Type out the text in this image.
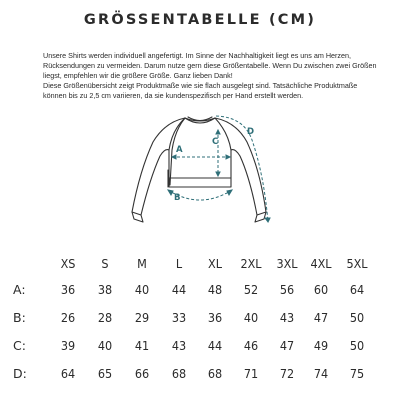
GRÖSSENTABELLE (CM)

Unsere Shirts werden individuell angefertigt. Im Sinne der Nachhaltigkeit liegt es uns am Herzen,

Rücksendungen zu vermeiden. Darum nutze gern diese Größentabelle. Wenn Du zwischen zwei Größen

liegst, empfehlen wir die größere Größe. Ganz lieben Dank!

Diese Größenübersicht zeigt Produktmaße wie sie flach ausgelegt sind. Tatsächliche Produktmaße

können bis zu 2,5 cm variieren, da sie kundenspezifisch per Hand erstellt werden.

A
C
B
D
XS	S	M	L	XL	2XL	3XL	4XL	5XL
A:	36	38	40	44	48	52	56	60	64
B:	26	28	29	33	36	40	43	47	50
C:	39	40	41	43	44	46	47	49	50
D:	64	65	66	68	68	71	72	74	75
